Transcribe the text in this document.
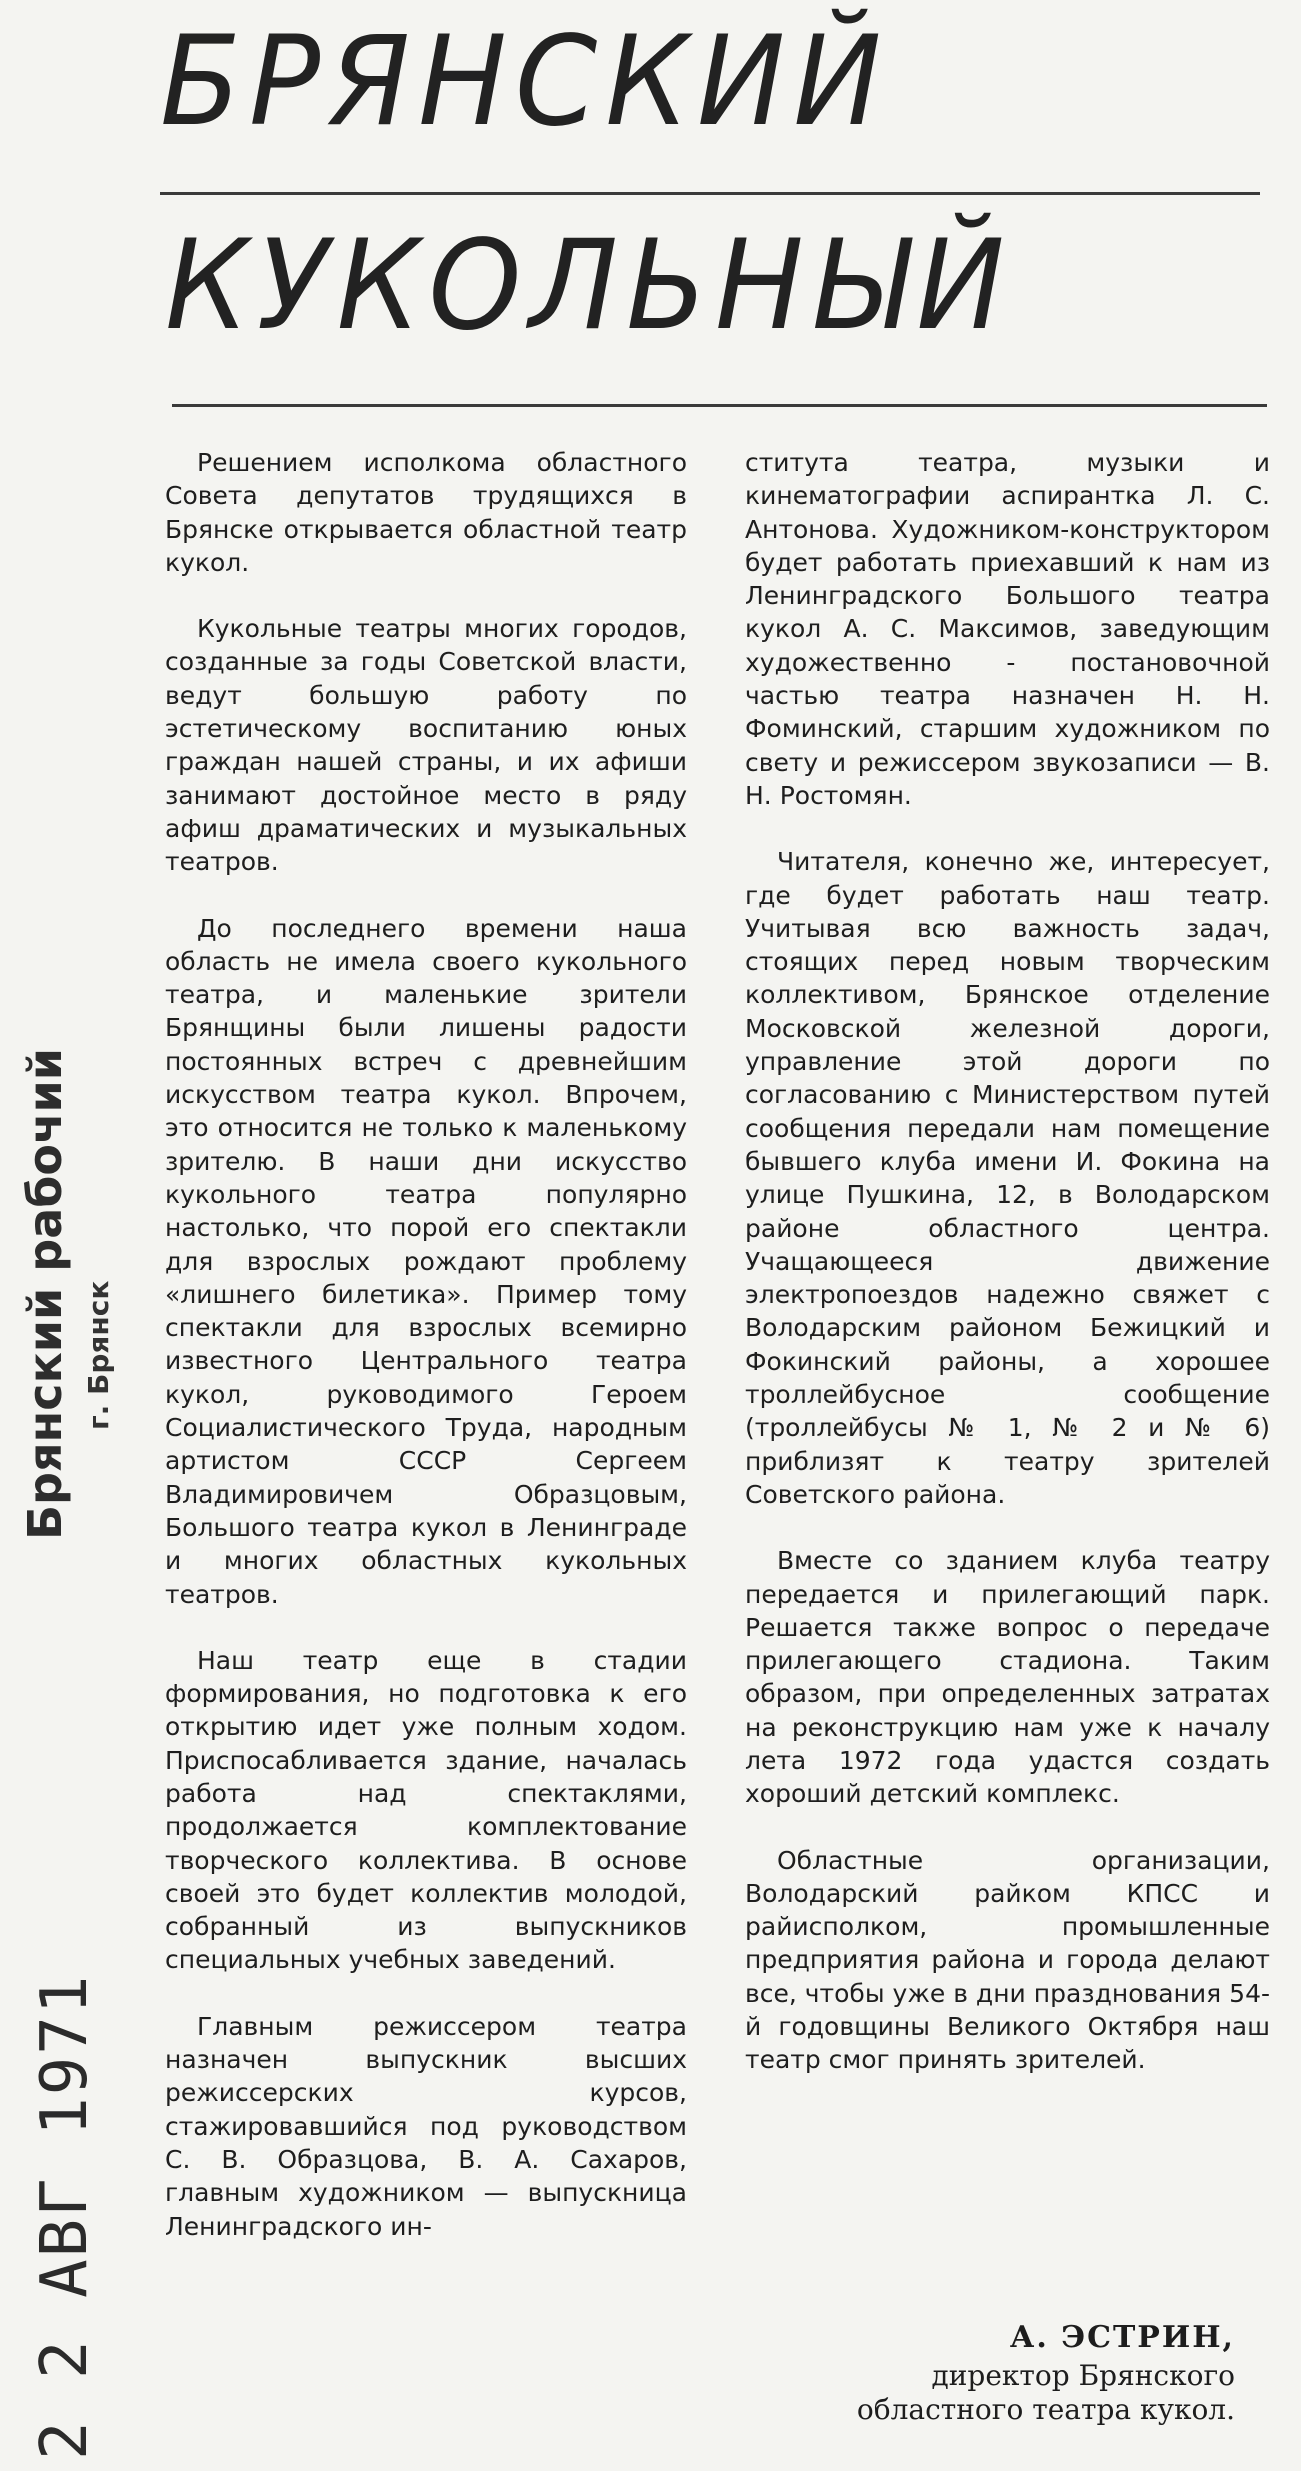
БРЯНСКИЙ
КУКОЛЬНЫЙ
Брянский рабочий г. Брянск
2 2 АВГ 1971

Решением исполкома областного Совета депутатов трудящихся в Брянске открывается областной театр кукол.

Кукольные театры многих городов, созданные за годы Советской власти, ведут большую работу по эстетическому воспитанию юных граждан нашей страны, и их афиши занимают достойное место в ряду афиш драматических и музыкальных театров.

До последнего времени наша область не имела своего кукольного театра, и маленькие зрители Брянщины были лишены радости постоянных встреч с древнейшим искусством театра кукол. Впрочем, это относится не только к маленькому зрителю. В наши дни искусство кукольного театра популярно настолько, что порой его спектакли для взрослых рождают проблему «лишнего билетика». Пример тому спектакли для взрослых всемирно известного Центрального театра кукол, руководимого Героем Социалистического Труда, народным артистом СССР Сергеем Владимировичем Образцовым, Большого театра кукол в Ленинграде и многих областных кукольных театров.

Наш театр еще в стадии формирования, но подготовка к его открытию идет уже полным ходом. Приспосабливается здание, началась работа над спектаклями, продолжается комплектование творческого коллектива. В основе своей это будет коллектив молодой, собранный из выпускников специальных учебных заведений.

Главным режиссером театра назначен выпускник высших режиссерских курсов, стажировавшийся под руководством С. В. Образцова, В. А. Сахаров, главным художником — выпускница Ленинградского ин-

ститута театра, музыки и кинематографии аспирантка Л. С. Антонова. Художником-конструктором будет работать приехавший к нам из Ленинградского Большого театра кукол А. С. Максимов, заведующим художественно - постановочной частью театра назначен Н. Н. Фоминский, старшим художником по свету и режиссером звукозаписи — В. Н. Ростомян.

Читателя, конечно же, интересует, где будет работать наш театр. Учитывая всю важность задач, стоящих перед новым творческим коллективом, Брянское отделение Московской железной дороги, управление этой дороги по согласованию с Министерством путей сообщения передали нам помещение бывшего клуба имени И. Фокина на улице Пушкина, 12, в Володарском районе областного центра. Учащающееся движение электропоездов надежно свяжет с Володарским районом Бежицкий и Фокинский районы, а хорошее троллейбусное сообщение (троллейбусы № 1, № 2 и № 6) приблизят к театру зрителей Советского района.

Вместе со зданием клуба театру передается и прилегающий парк. Решается также вопрос о передаче прилегающего стадиона. Таким образом, при определенных затратах на реконструкцию нам уже к началу лета 1972 года удастся создать хороший детский комплекс.

Областные организации, Володарский райком КПСС и райисполком, промышленные предприятия района и города делают все, чтобы уже в дни празднования 54-й годовщины Великого Октября наш театр смог принять зрителей.

А. ЭСТРИН,
директор Брянского
областного театра кукол.
